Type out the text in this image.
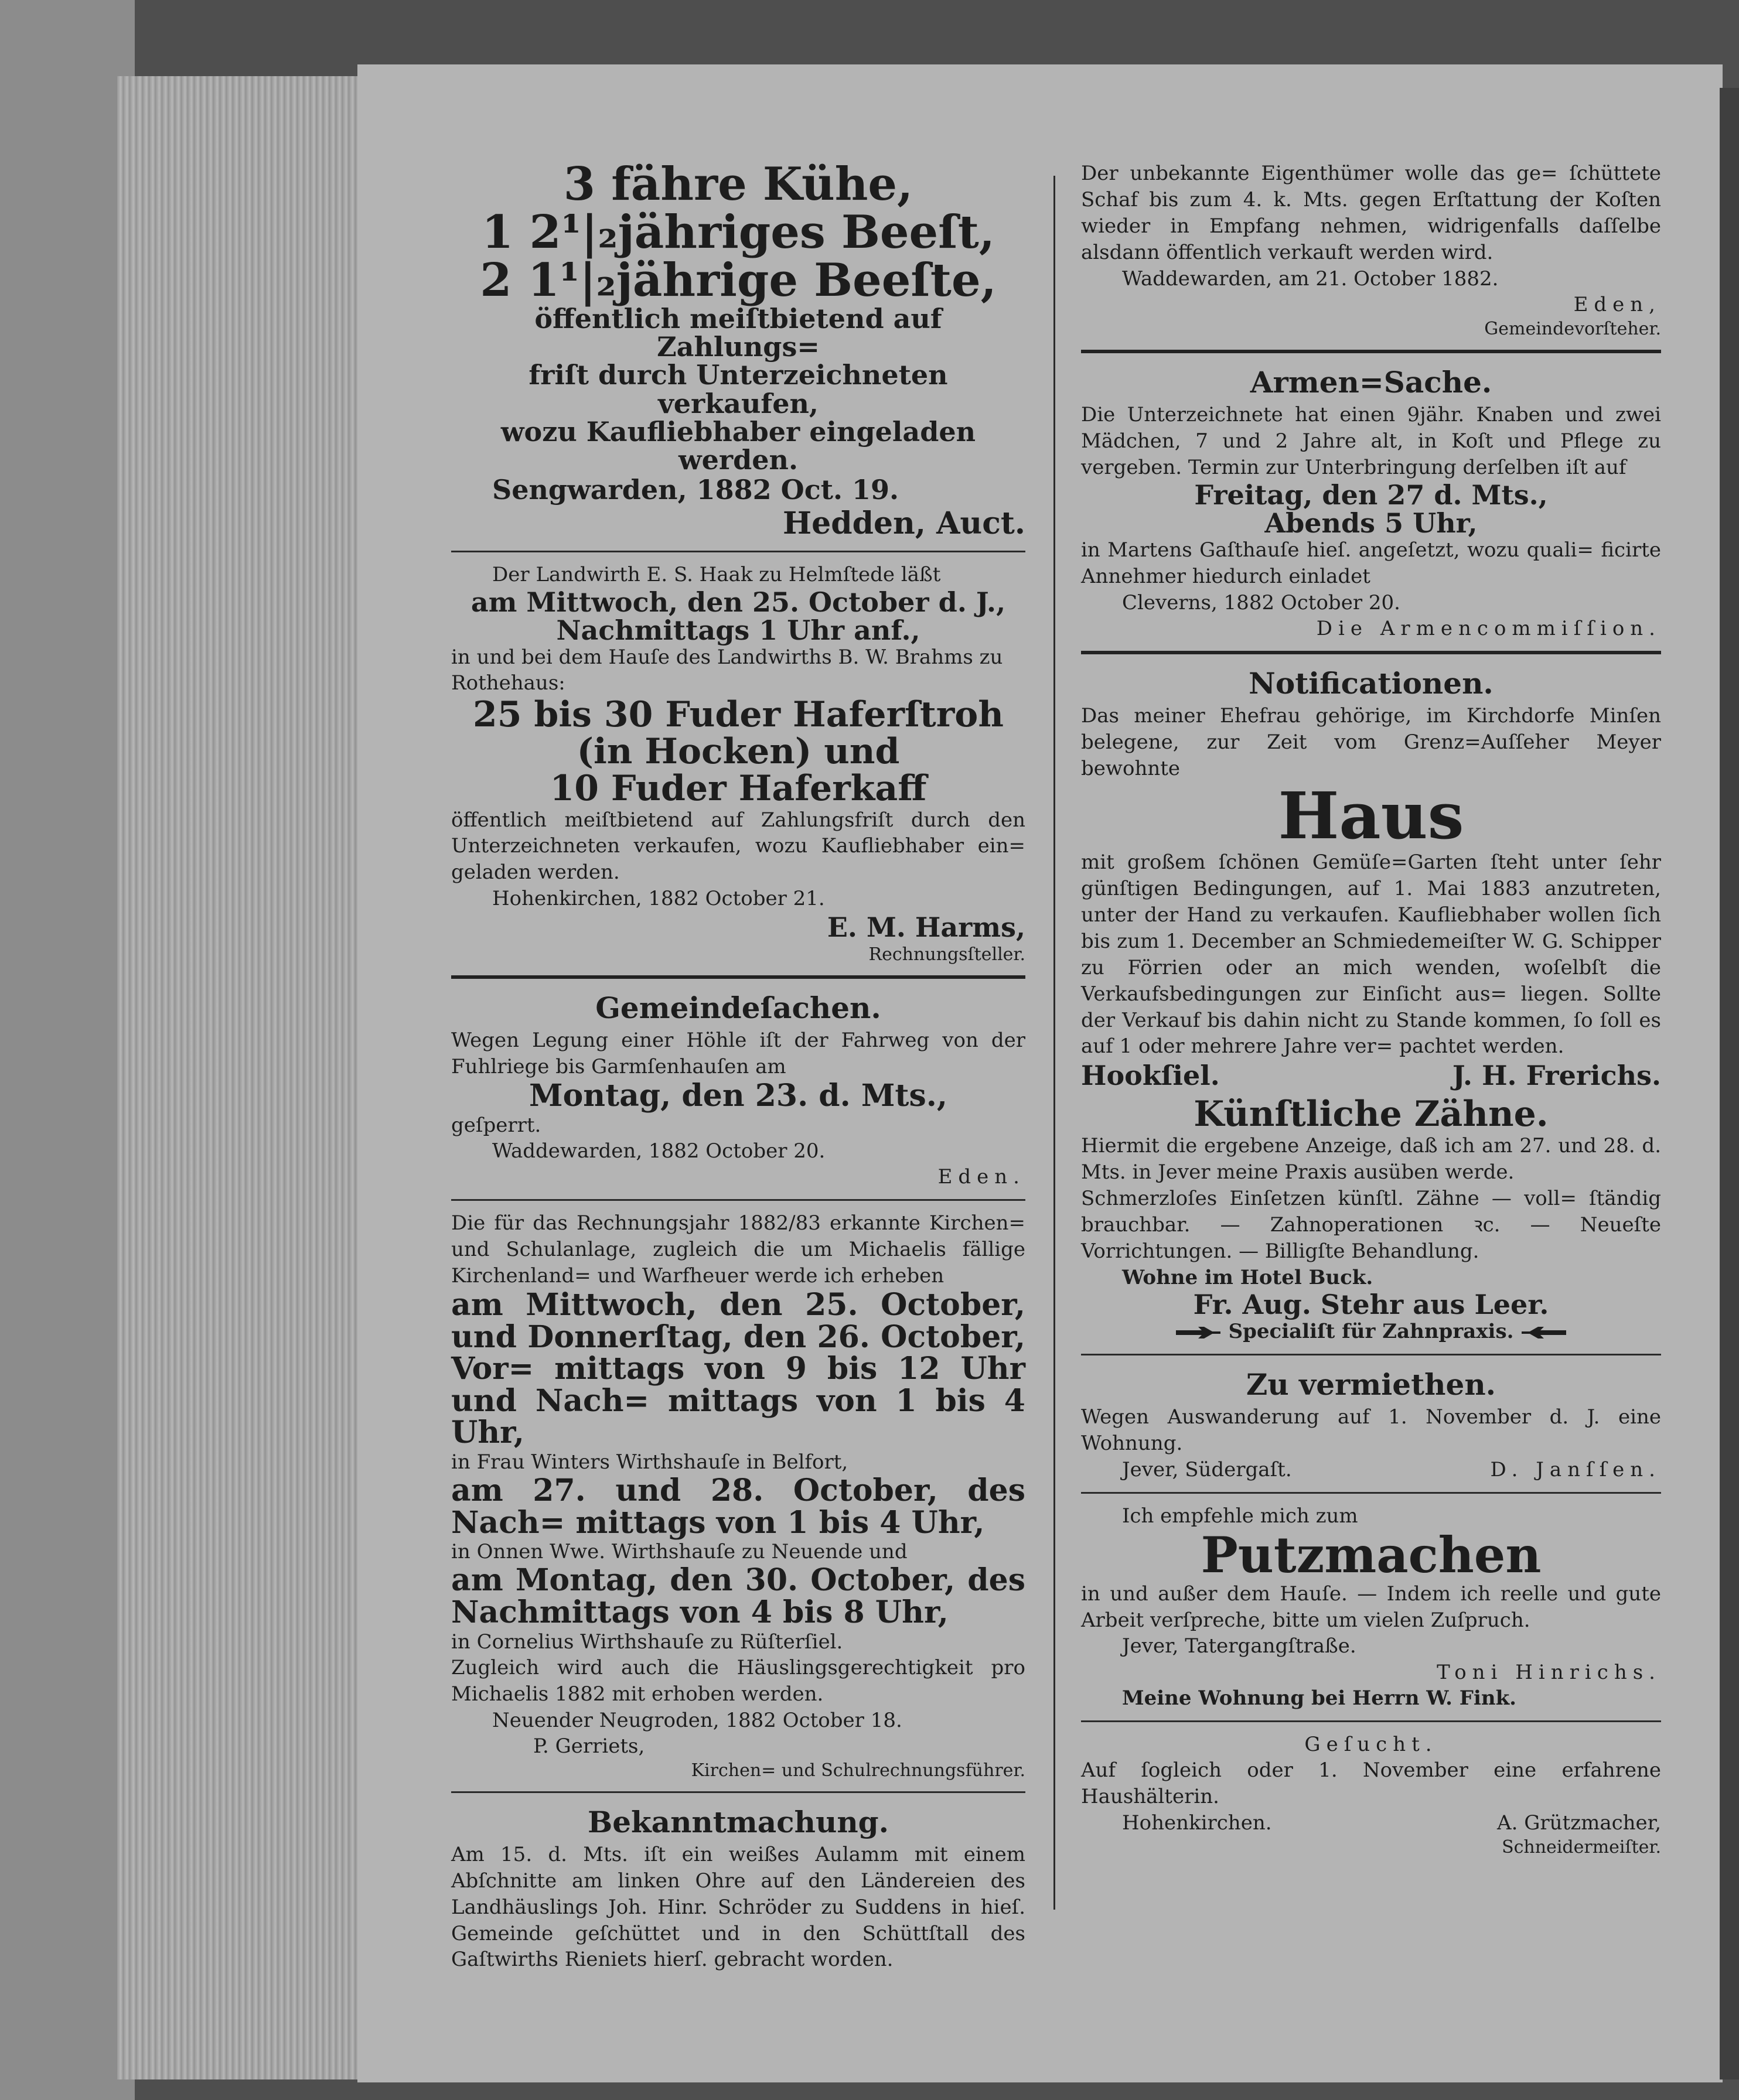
3 fähre Kühe,
1 2¹|₂jähriges Beeſt,
2 1¹|₂jährige Beeſte,
öffentlich meiſtbietend auf Zahlungs=
friſt durch Unterzeichneten verkaufen,
wozu Kaufliebhaber eingeladen werden.
Sengwarden, 1882 Oct. 19.
Hedden, Auct.
Der Landwirth E. S. Haak zu Helmſtede läßt
am Mittwoch, den 25. October d. J.,
Nachmittags 1 Uhr anf.,
in und bei dem Hauſe des Landwirths B. W. Brahms zu Rothehaus:
25 bis 30 Fuder Haferſtroh
(in Hocken) und
10 Fuder Haferkaff
öffentlich meiſtbietend auf Zahlungsfriſt durch den Unterzeichneten verkaufen, wozu Kaufliebhaber ein= geladen werden.
Hohenkirchen, 1882 October 21.
E. M. Harms,
Rechnungsſteller.
Gemeindeſachen.
Wegen Legung einer Höhle iſt der Fahrweg von der Fuhlriege bis Garmſenhauſen am
Montag, den 23. d. Mts.,
geſperrt.
Waddewarden, 1882 October 20.
Eden.
Die für das Rechnungsjahr 1882/83 erkannte Kirchen= und Schulanlage, zugleich die um Michaelis fällige Kirchenland= und Warfheuer werde ich erheben
am Mittwoch, den 25. October, und Donnerſtag, den 26. October, Vor= mittags von 9 bis 12 Uhr und Nach= mittags von 1 bis 4 Uhr,
in Frau Winters Wirthshauſe in Belfort,
am 27. und 28. October, des Nach= mittags von 1 bis 4 Uhr,
in Onnen Wwe. Wirthshauſe zu Neuende und
am Montag, den 30. October, des Nachmittags von 4 bis 8 Uhr,
in Cornelius Wirthshauſe zu Rüſterſiel.
Zugleich wird auch die Häuslingsgerechtigkeit pro Michaelis 1882 mit erhoben werden.
Neuender Neugroden, 1882 October 18.
P. Gerriets,
Kirchen= und Schulrechnungsführer.
Bekanntmachung.
Am 15. d. Mts. iſt ein weißes Aulamm mit einem Abſchnitte am linken Ohre auf den Ländereien des Landhäuslings Joh. Hinr. Schröder zu Suddens in hieſ. Gemeinde geſchüttet und in den Schüttſtall des Gaſtwirths Rieniets hierſ. gebracht worden.
Der unbekannte Eigenthümer wolle das ge= ſchüttete Schaf bis zum 4. k. Mts. gegen Erſtattung der Koſten wieder in Empfang nehmen, widrigenfalls daſſelbe alsdann öffentlich verkauft werden wird.
Waddewarden, am 21. October 1882.
Eden,
Gemeindevorſteher.
Armen=Sache.
Die Unterzeichnete hat einen 9jähr. Knaben und zwei Mädchen, 7 und 2 Jahre alt, in Koſt und Pflege zu vergeben. Termin zur Unterbringung derſelben iſt auf
Freitag, den 27 d. Mts.,
Abends 5 Uhr,
in Martens Gaſthauſe hieſ. angeſetzt, wozu quali= ficirte Annehmer hiedurch einladet
Cleverns, 1882 October 20.
Die Armencommiſſion.
Notificationen.
Das meiner Ehefrau gehörige, im Kirchdorfe Minſen belegene, zur Zeit vom Grenz=Auſſeher Meyer bewohnte
Haus
mit großem ſchönen Gemüſe=Garten ſteht unter ſehr günſtigen Bedingungen, auf 1. Mai 1883 anzutreten, unter der Hand zu verkaufen. Kaufliebhaber wollen ſich bis zum 1. December an Schmiedemeiſter W. G. Schipper zu Förrien oder an mich wenden, woſelbſt die Verkaufsbedingungen zur Einſicht aus= liegen. Sollte der Verkauf bis dahin nicht zu Stande kommen, ſo ſoll es auf 1 oder mehrere Jahre ver= pachtet werden.
Hookſiel.	J. H. Frerichs.
Künſtliche Zähne.
Hiermit die ergebene Anzeige, daß ich am 27. und 28. d. Mts. in Jever meine Praxis ausüben werde.
Schmerzloſes Einſetzen künſtl. Zähne — voll= ſtändig brauchbar. — Zahnoperationen ꝛc. — Neueſte Vorrichtungen. — Billigſte Behandlung.
Wohne im Hotel Buck.
Fr. Aug. Stehr aus Leer.
Specialiſt für Zahnpraxis.
Zu vermiethen.
Wegen Auswanderung auf 1. November d. J. eine Wohnung.
Jever, Südergaſt.	D. Janſſen.
Ich empfehle mich zum
Putzmachen
in und außer dem Hauſe. — Indem ich reelle und gute Arbeit verſpreche, bitte um vielen Zuſpruch.
Jever, Tatergangſtraße.
Toni Hinrichs.
Meine Wohnung bei Herrn W. Fink.
Geſucht.
Auf ſogleich oder 1. November eine erfahrene Haushälterin.
Hohenkirchen.	A. Grützmacher,
Schneidermeiſter.
